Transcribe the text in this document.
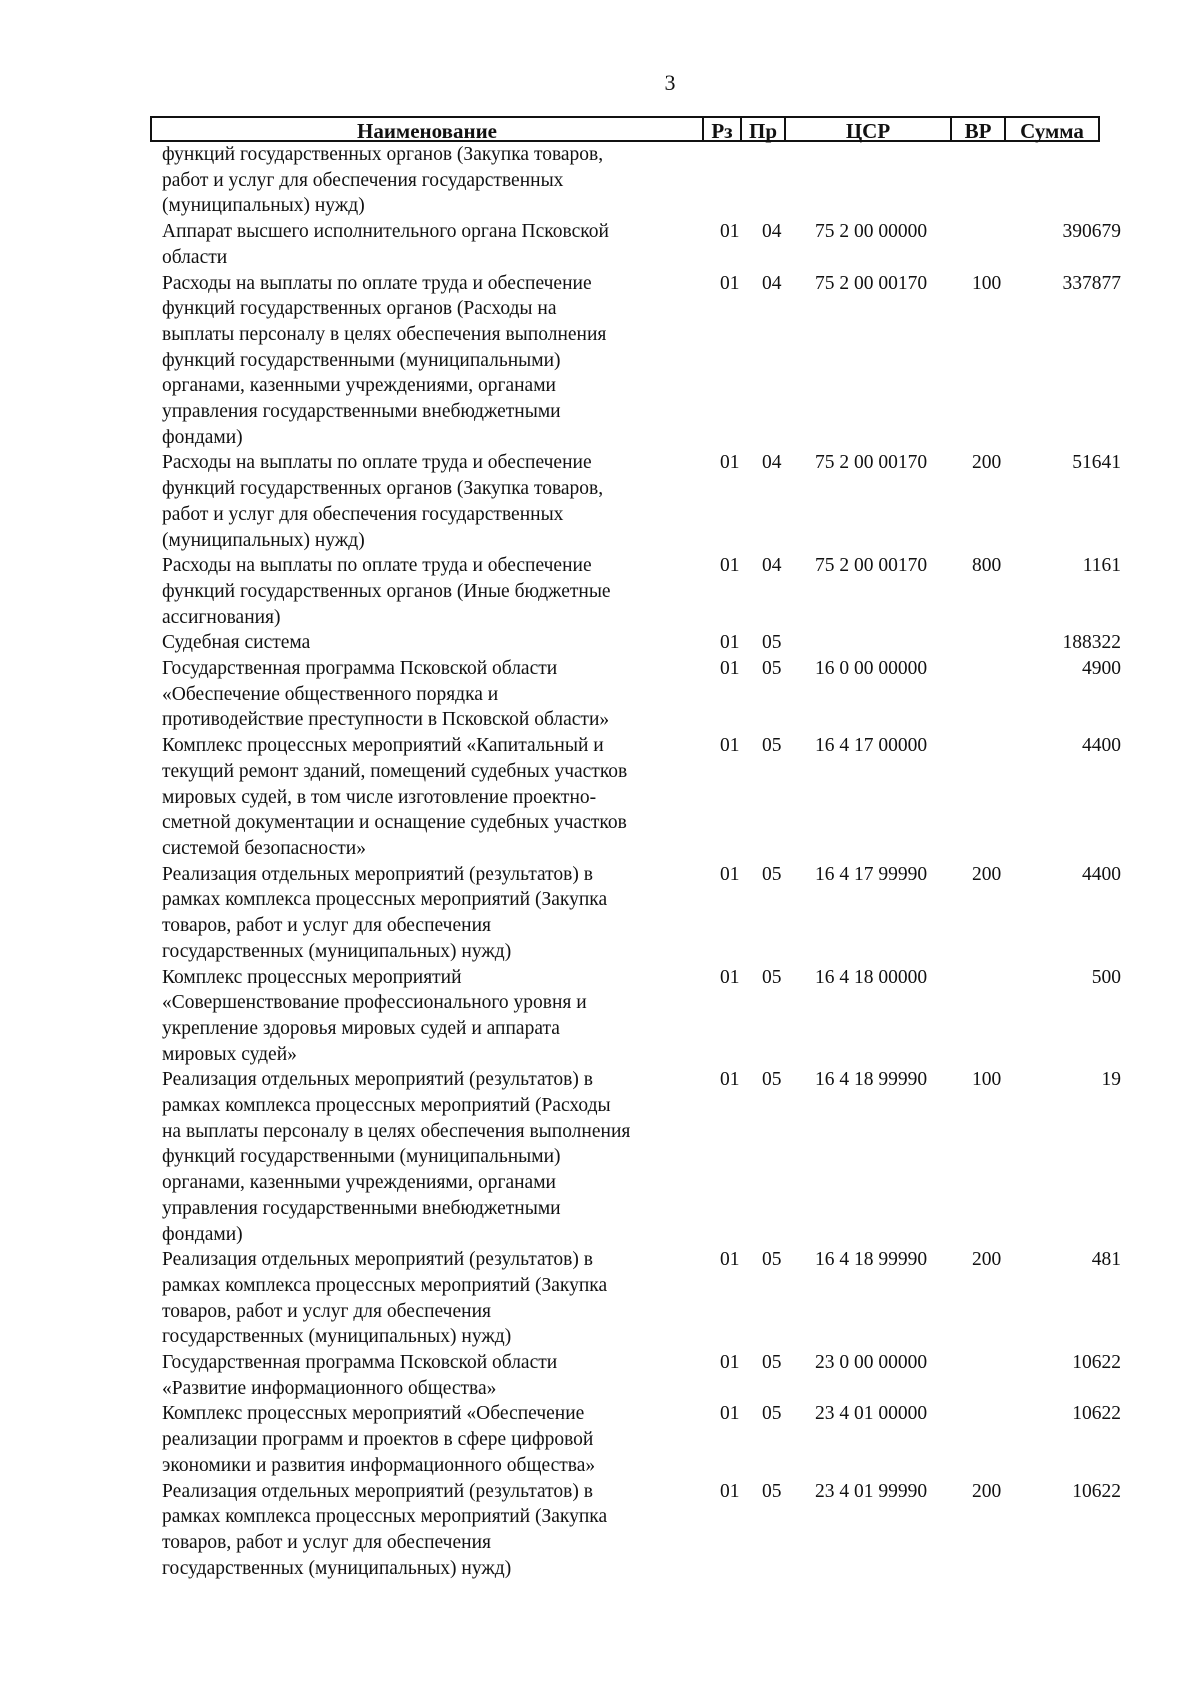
3
Наименование	Рз Пр	ЦСР	ВР	Сумма
функций государственных органов (Закупка товаров,
работ и услуг для обеспечения государственных
(муниципальных) нужд)
Аппарат высшего исполнительного органа Псковской
области
01 04 75 2 00 00000	390679
Расходы на выплаты по оплате труда и обеспечение
функций государственных органов (Расходы на
выплаты персоналу в целях обеспечения выполнения
функций государственными (муниципальными)
органами, казенными учреждениями, органами
управления государственными внебюджетными
фондами)
01 04 75 2 00 00170 100	337877
Расходы на выплаты по оплате труда и обеспечение
функций государственных органов (Закупка товаров,
работ и услуг для обеспечения государственных
(муниципальных) нужд)
01 04 75 2 00 00170 200	51641
Расходы на выплаты по оплате труда и обеспечение
функций государственных органов (Иные бюджетные
ассигнования)
01 04 75 2 00 00170 800	1161
Судебная система	01 05	188322
Государственная программа Псковской области
«Обеспечение общественного порядка и
противодействие преступности в Псковской области»
01 05 16 0 00 00000	4900
Комплекс процессных мероприятий «Капитальный и
текущий ремонт зданий, помещений судебных участков
мировых судей, в том числе изготовление проектно-
сметной документации и оснащение судебных участков
системой безопасности»
01 05 16 4 17 00000	4400
Реализация отдельных мероприятий (результатов) в
рамках комплекса процессных мероприятий (Закупка
товаров, работ и услуг для обеспечения
государственных (муниципальных) нужд)
01 05 16 4 17 99990 200	4400
Комплекс процессных мероприятий
«Совершенствование профессионального уровня и
укрепление здоровья мировых судей и аппарата
мировых судей»
01 05 16 4 18 00000	500
Реализация отдельных мероприятий (результатов) в
рамках комплекса процессных мероприятий (Расходы
на выплаты персоналу в целях обеспечения выполнения
функций государственными (муниципальными)
органами, казенными учреждениями, органами
управления государственными внебюджетными
фондами)
01 05 16 4 18 99990 100	19
Реализация отдельных мероприятий (результатов) в
рамках комплекса процессных мероприятий (Закупка
товаров, работ и услуг для обеспечения
государственных (муниципальных) нужд)
01 05 16 4 18 99990 200	481
Государственная программа Псковской области
«Развитие информационного общества»
01 05 23 0 00 00000	10622
Комплекс процессных мероприятий «Обеспечение
реализации программ и проектов в сфере цифровой
экономики и развития информационного общества»
01 05 23 4 01 00000	10622
Реализация отдельных мероприятий (результатов) в
рамках комплекса процессных мероприятий (Закупка
товаров, работ и услуг для обеспечения
государственных (муниципальных) нужд)
01 05 23 4 01 99990 200	10622
